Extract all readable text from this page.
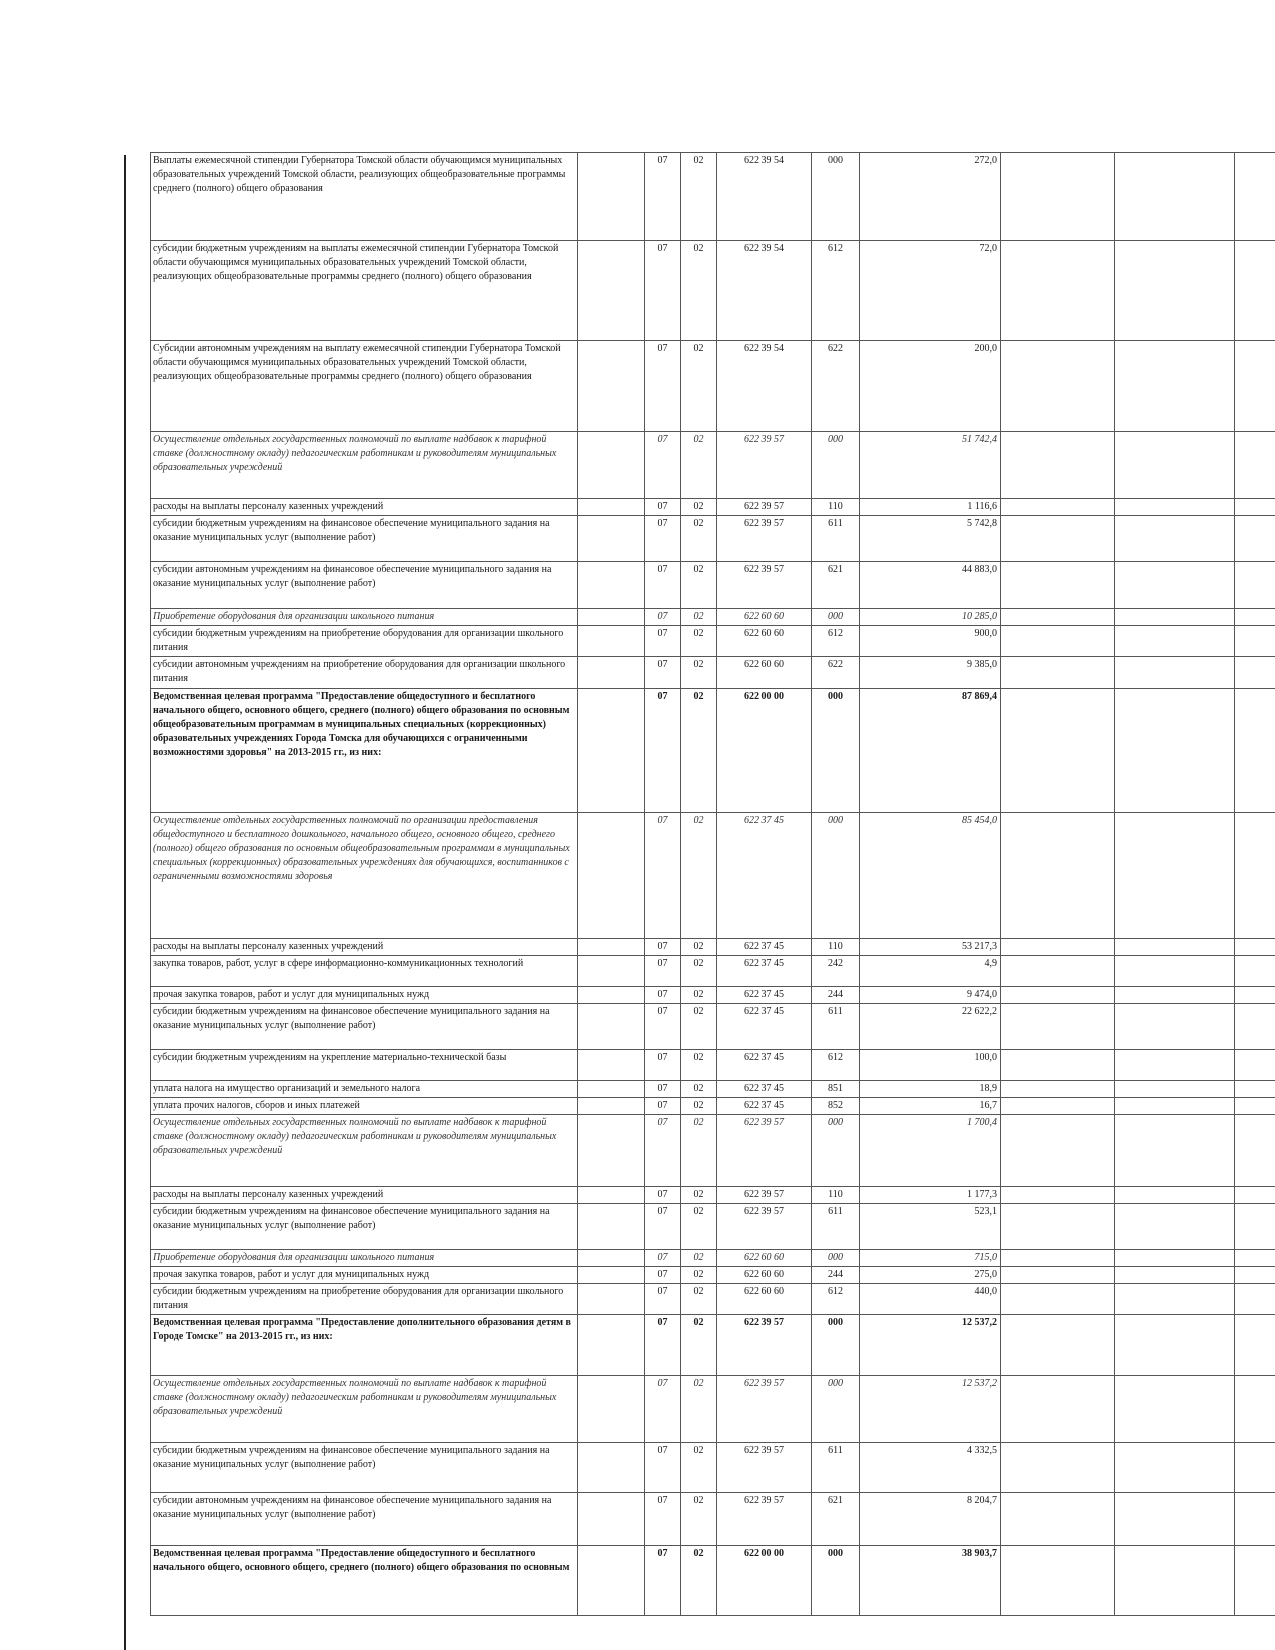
Выплаты ежемесячной стипендии Губернатора Томской области обучающимся муниципальных образовательных учреждений Томской области, реализующих общеобразовательные программы среднего (полного) общего образования		07	02	622 39 54	000	272,0			
субсидии бюджетным учреждениям на выплаты ежемесячной стипендии Губернатора Томской области обучающимся муниципальных образовательных учреждений Томской области, реализующих общеобразовательные программы среднего (полного) общего образования		07	02	622 39 54	612	72,0			
Субсидии автономным учреждениям на выплату ежемесячной стипендии Губернатора Томской области обучающимся муниципальных образовательных учреждений Томской области, реализующих общеобразовательные программы среднего (полного) общего образования		07	02	622 39 54	622	200,0			
Осуществление отдельных государственных полномочий по выплате надбавок к тарифной ставке (должностному окладу) педагогическим работникам и руководителям муниципальных образовательных учреждений		07	02	622 39 57	000	51 742,4			
расходы на выплаты персоналу казенных учреждений		07	02	622 39 57	110	1 116,6			
субсидии бюджетным учреждениям на финансовое обеспечение муниципального задания на оказание муниципальных услуг (выполнение работ)		07	02	622 39 57	611	5 742,8			
субсидии автономным учреждениям на финансовое обеспечение муниципального задания на оказание муниципальных услуг (выполнение работ)		07	02	622 39 57	621	44 883,0			
Приобретение оборудования для организации школьного питания		07	02	622 60 60	000	10 285,0			
субсидии бюджетным учреждениям на приобретение оборудования для организации школьного питания		07	02	622 60 60	612	900,0			
субсидии автономным учреждениям на приобретение оборудования для организации школьного питания		07	02	622 60 60	622	9 385,0			
Ведомственная целевая программа "Предоставление общедоступного и бесплатного начального общего, основного общего, среднего (полного) общего образования по основным общеобразовательным программам в муниципальных специальных (коррекционных) образовательных учреждениях Города Томска для обучающихся с ограниченными возможностями здоровья" на 2013-2015 гг., из них:		07	02	622 00 00	000	87 869,4			
Осуществление отдельных государственных полномочий по организации предоставления общедоступного и бесплатного дошкольного, начального общего, основного общего, среднего (полного) общего образования по основным общеобразовательным программам в муниципальных специальных (коррекционных) образовательных учреждениях для обучающихся, воспитанников с ограниченными возможностями здоровья		07	02	622 37 45	000	85 454,0			
расходы на выплаты персоналу казенных учреждений		07	02	622 37 45	110	53 217,3			
закупка товаров, работ, услуг в сфере информационно-коммуникационных технологий		07	02	622 37 45	242	4,9			
прочая закупка товаров, работ и услуг для муниципальных нужд		07	02	622 37 45	244	9 474,0			
субсидии бюджетным учреждениям на финансовое обеспечение муниципального задания на оказание муниципальных услуг (выполнение работ)		07	02	622 37 45	611	22 622,2			
субсидии бюджетным учреждениям на укрепление материально-технической базы		07	02	622 37 45	612	100,0			
уплата налога на имущество организаций и земельного налога		07	02	622 37 45	851	18,9			
уплата прочих налогов, сборов и иных платежей		07	02	622 37 45	852	16,7			
Осуществление отдельных государственных полномочий по выплате надбавок к тарифной ставке (должностному окладу) педагогическим работникам и руководителям муниципальных образовательных учреждений		07	02	622 39 57	000	1 700,4			
расходы на выплаты персоналу казенных учреждений		07	02	622 39 57	110	1 177,3			
субсидии бюджетным учреждениям на финансовое обеспечение муниципального задания на оказание муниципальных услуг (выполнение работ)		07	02	622 39 57	611	523,1			
Приобретение оборудования для организации школьного питания		07	02	622 60 60	000	715,0			
прочая закупка товаров, работ и услуг для муниципальных нужд		07	02	622 60 60	244	275,0			
субсидии бюджетным учреждениям на приобретение оборудования для организации школьного питания		07	02	622 60 60	612	440,0			
Ведомственная целевая программа "Предоставление дополнительного образования детям в Городе Томске" на 2013-2015 гг., из них:		07	02	622 39 57	000	12 537,2			
Осуществление отдельных государственных полномочий по выплате надбавок к тарифной ставке (должностному окладу) педагогическим работникам и руководителям муниципальных образовательных учреждений		07	02	622 39 57	000	12 537,2			
субсидии бюджетным учреждениям на финансовое обеспечение муниципального задания на оказание муниципальных услуг (выполнение работ)		07	02	622 39 57	611	4 332,5			
субсидии автономным учреждениям на финансовое обеспечение муниципального задания на оказание муниципальных услуг (выполнение работ)		07	02	622 39 57	621	8 204,7			
Ведомственная целевая программа "Предоставление общедоступного и бесплатного начального общего, основного общего, среднего (полного) общего образования по основным		07	02	622 00 00	000	38 903,7			
